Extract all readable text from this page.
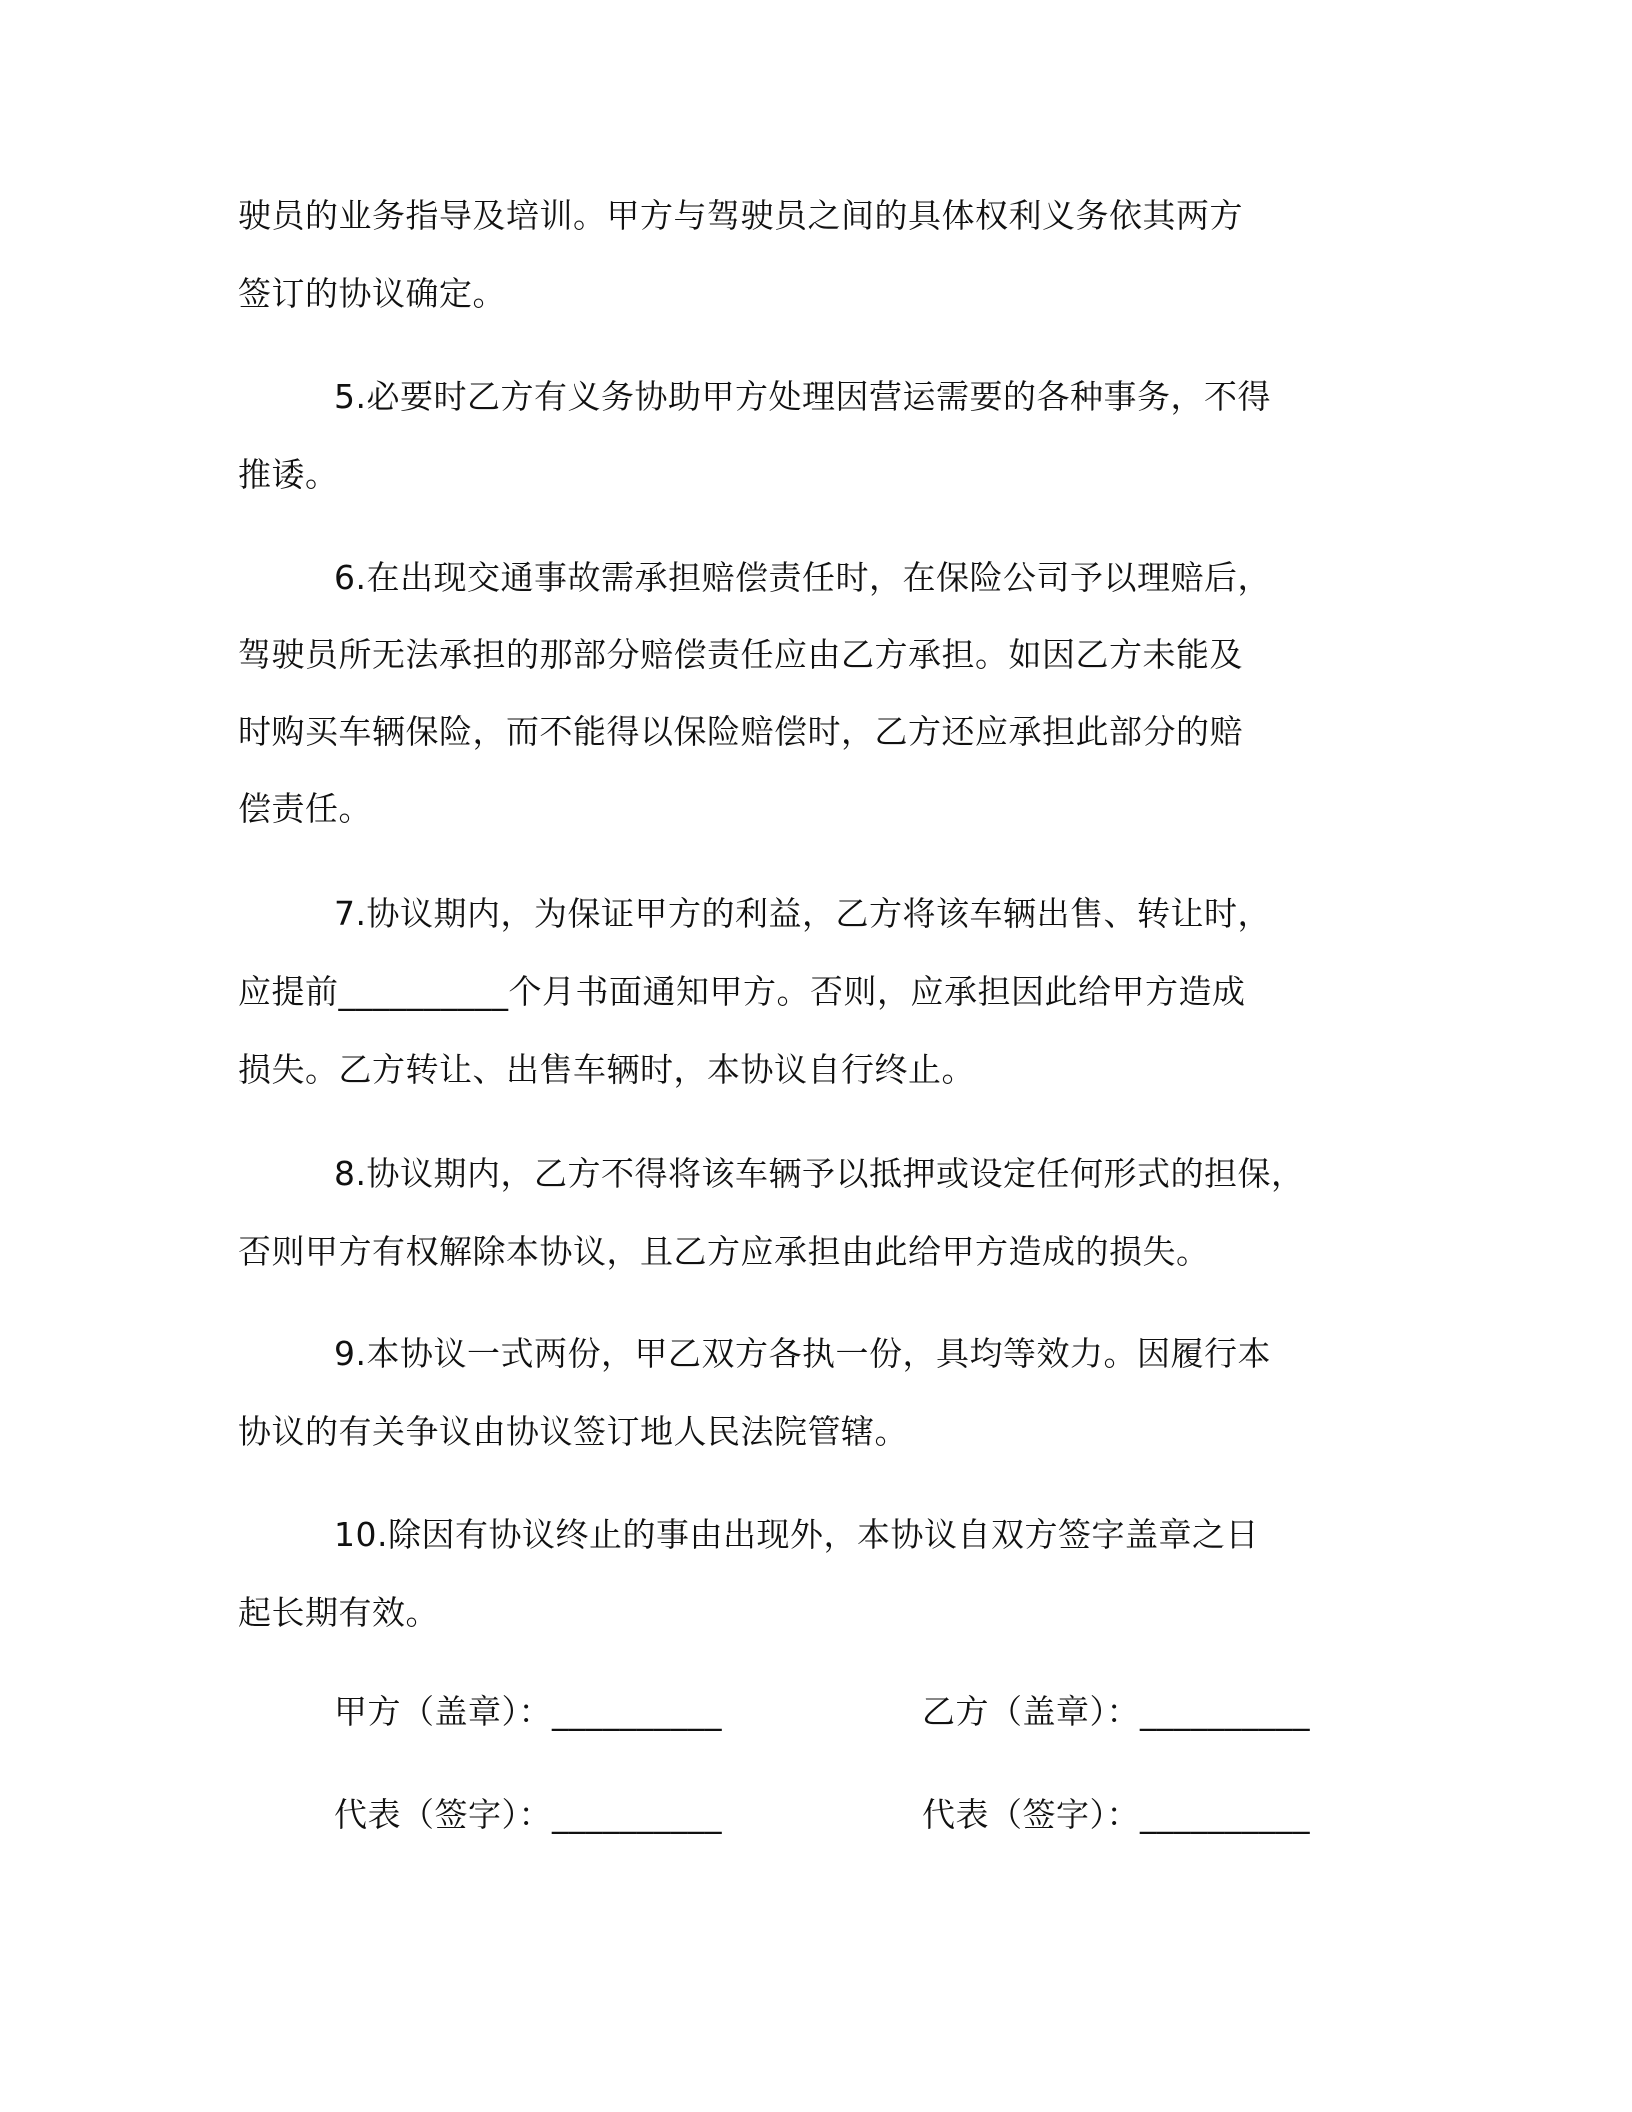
驶员的业务指导及培训。甲方与驾驶员之间的具体权利义务依其两方
签订的协议确定。
5.必要时乙方有义务协助甲方处理因营运需要的各种事务，不得
推诿。
6.在出现交通事故需承担赔偿责任时，在保险公司予以理赔后，
驾驶员所无法承担的那部分赔偿责任应由乙方承担。如因乙方未能及
时购买车辆保险，而不能得以保险赔偿时，乙方还应承担此部分的赔
偿责任。
7.协议期内，为保证甲方的利益，乙方将该车辆出售、转让时，
应提前__________个月书面通知甲方。否则，应承担因此给甲方造成
损失。乙方转让、出售车辆时，本协议自行终止。
8.协议期内，乙方不得将该车辆予以抵押或设定任何形式的担保，
否则甲方有权解除本协议，且乙方应承担由此给甲方造成的损失。
9.本协议一式两份，甲乙双方各执一份，具均等效力。因履行本
协议的有关争议由协议签订地人民法院管辖。
10.除因有协议终止的事由出现外，本协议自双方签字盖章之日
起长期有效。
甲方（盖章）：__________	乙方（盖章）：__________
代表（签字）：__________	代表（签字）：__________
